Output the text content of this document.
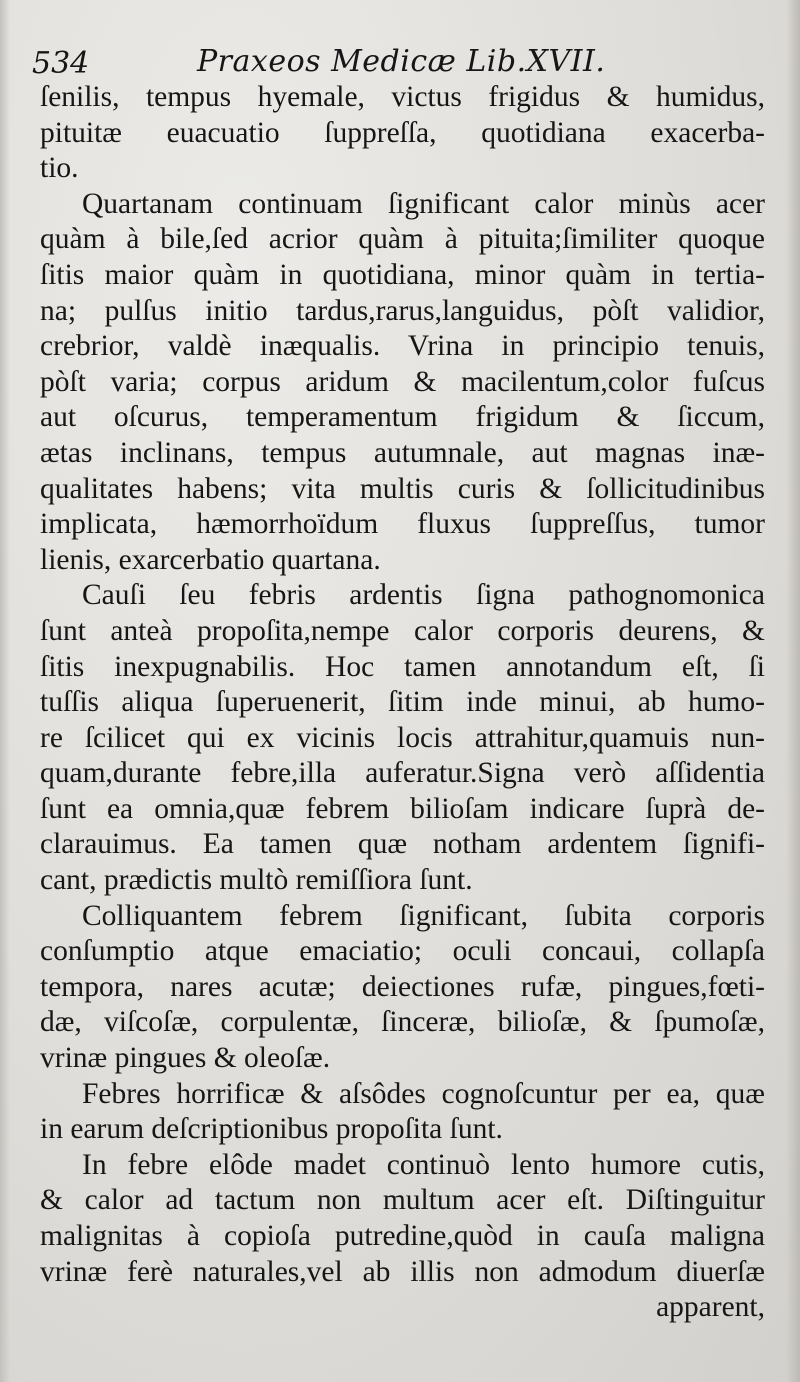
534	Praxeos Medicæ Lib.XVII.
ſenilis, tempus hyemale, victus frigidus & humidus,
pituitæ euacuatio ſuppreſſa, quotidiana exacerba-
tio.
Quartanam continuam ſignificant calor minùs acer
quàm à bile,ſed acrior quàm à pituita;ſimiliter quoque
ſitis maior quàm in quotidiana, minor quàm in tertia-
na; pulſus initio tardus,rarus,languidus, pòſt validior,
crebrior, valdè inæqualis. Vrina in principio tenuis,
pòſt varia; corpus aridum & macilentum,color fuſcus
aut oſcurus, temperamentum frigidum & ſiccum,
ætas inclinans, tempus autumnale, aut magnas inæ-
qualitates habens; vita multis curis & ſollicitudinibus
implicata, hæmorrhoïdum fluxus ſuppreſſus, tumor
lienis, exarcerbatio quartana.
Cauſi ſeu febris ardentis ſigna pathognomonica
ſunt anteà propoſita,nempe calor corporis deurens, &
ſitis inexpugnabilis. Hoc tamen annotandum eſt, ſi
tuſſis aliqua ſuperuenerit, ſitim inde minui, ab humo-
re ſcilicet qui ex vicinis locis attrahitur,quamuis nun-
quam,durante febre,illa auferatur.Signa verò aſſidentia
ſunt ea omnia,quæ febrem bilioſam indicare ſuprà de-
clarauimus. Ea tamen quæ notham ardentem ſignifi-
cant, prædictis multò remiſſiora ſunt.
Colliquantem febrem ſignificant, ſubita corporis
conſumptio atque emaciatio; oculi concaui, collapſa
tempora, nares acutæ; deiectiones rufæ, pingues,fœti-
dæ, viſcoſæ, corpulentæ, ſinceræ, bilioſæ, & ſpumoſæ,
vrinæ pingues & oleoſæ.
Febres horrificæ & aſsôdes cognoſcuntur per ea, quæ
in earum deſcriptionibus propoſita ſunt.
In febre elôde madet continuò lento humore cutis,
& calor ad tactum non multum acer eſt. Diſtinguitur
malignitas à copioſa putredine,quòd in cauſa maligna
vrinæ ferè naturales,vel ab illis non admodum diuerſæ
apparent,
